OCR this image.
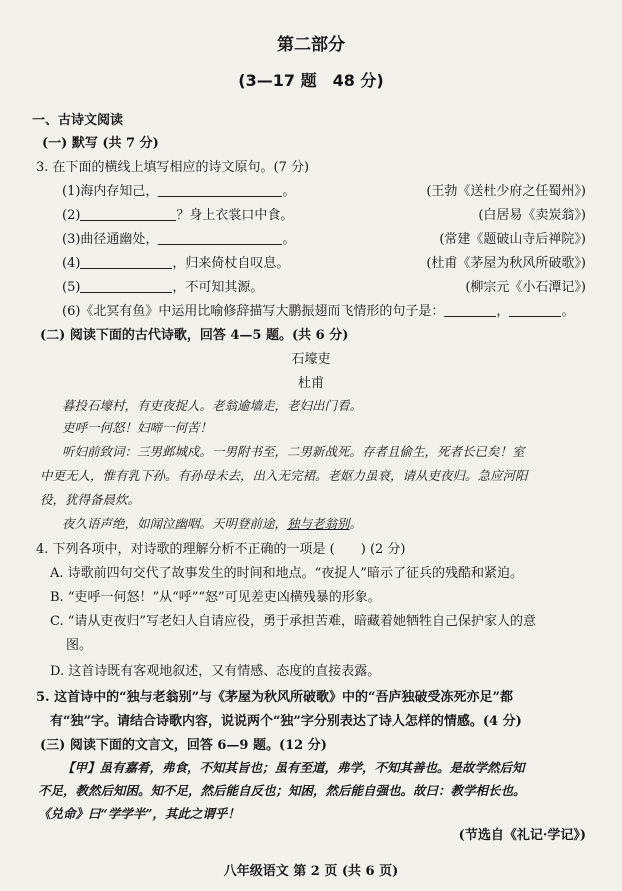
第二部分
(3—17 题　48 分)
一、古诗文阅读
(一) 默写 (共 7 分)
3. 在下面的横线上填写相应的诗文原句。(7 分)
(1)海内存知己，	。	(王勃《送杜少府之任蜀州》)
(2)	？身上衣裳口中食。	(白居易《卖炭翁》)
(3)曲径通幽处，	。	(常建《题破山寺后禅院》)
(4)	，归来倚杖自叹息。	(杜甫《茅屋为秋风所破歌》)
(5)	，不可知其源。	(柳宗元《小石潭记》)
(6)《北冥有鱼》中运用比喻修辞描写大鹏振翅而飞情形的句子是：	，	。
(二) 阅读下面的古代诗歌，回答 4—5 题。(共 6 分)
石壕吏
杜甫
暮投石壕村，有吏夜捉人。老翁逾墙走，老妇出门看。
吏呼一何怒！妇啼一何苦！
听妇前致词：三男邺城戍。一男附书至，二男新战死。存者且偷生，死者长已矣！室
中更无人，惟有乳下孙。有孙母未去，出入无完裙。老妪力虽衰，请从吏夜归。急应河阳
役，犹得备晨炊。
夜久语声绝，如闻泣幽咽。天明登前途，独与老翁别。
4. 下列各项中，对诗歌的理解分析不正确的一项是 (　　) (2 分)
A. 诗歌前四句交代了故事发生的时间和地点。“夜捉人”暗示了征兵的残酷和紧迫。
B. “吏呼一何怒！”从“呼”“怒”可见差吏凶横残暴的形象。
C. “请从吏夜归”写老妇人自请应役，勇于承担苦难，暗藏着她牺牲自己保护家人的意
图。
D. 这首诗既有客观地叙述，又有情感、态度的直接表露。
5. 这首诗中的“独与老翁别”与《茅屋为秋风所破歌》中的“吾庐独破受冻死亦足”都
有“独”字。请结合诗歌内容，说说两个“独”字分别表达了诗人怎样的情感。(4 分)
(三) 阅读下面的文言文，回答 6—9 题。(12 分)
【甲】虽有嘉肴，弗食，不知其旨也；虽有至道，弗学，不知其善也。是故学然后知
不足，教然后知困。知不足，然后能自反也；知困，然后能自强也。故曰：教学相长也。
《兑命》曰“学学半”，其此之谓乎！
(节选自《礼记·学记》)
八年级语文 第 2 页 (共 6 页)
